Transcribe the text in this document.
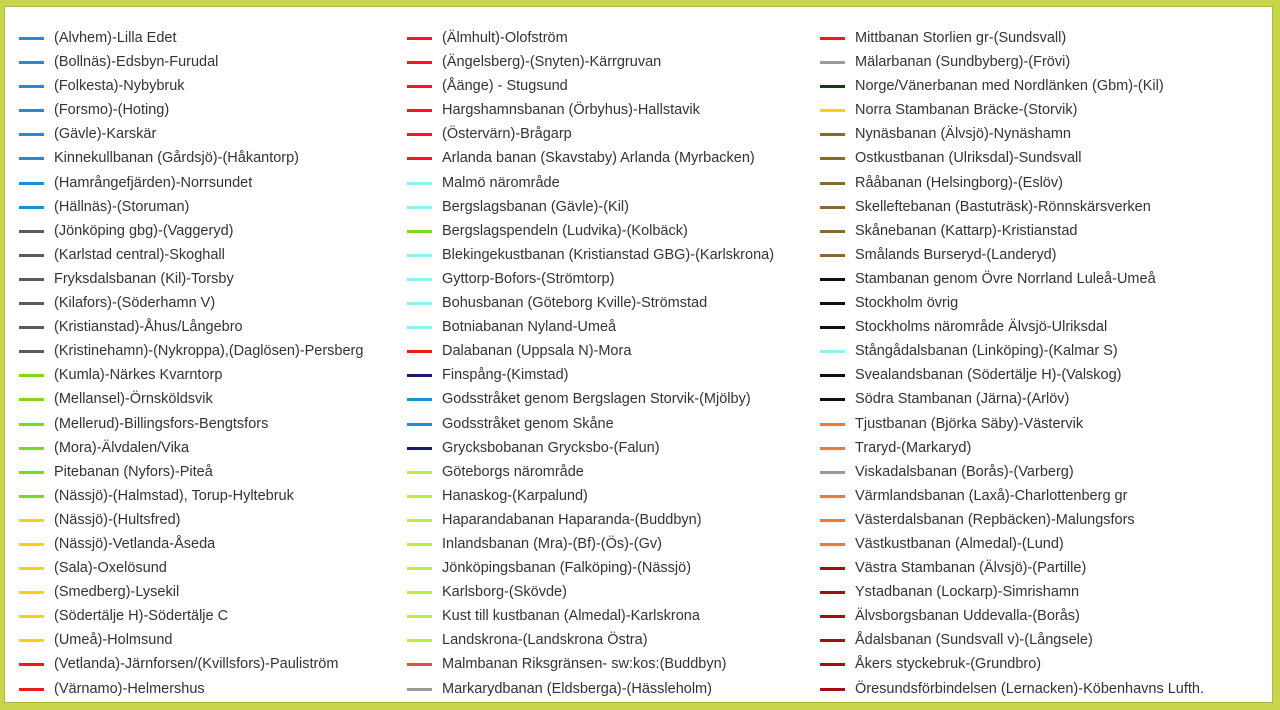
(Alvhem)-Lilla Edet
(Bollnäs)-Edsbyn-Furudal
(Folkesta)-Nybybruk
(Forsmo)-(Hoting)
(Gävle)-Karskär
Kinnekullbanan (Gårdsjö)-(Håkantorp)
(Hamrångefjärden)-Norrsundet
(Hällnäs)-(Storuman)
(Jönköping gbg)-(Vaggeryd)
(Karlstad central)-Skoghall
Fryksdalsbanan (Kil)-Torsby
(Kilafors)-(Söderhamn V)
(Kristianstad)-Åhus/Långebro
(Kristinehamn)-(Nykroppa),(Daglösen)-Persberg
(Kumla)-Närkes Kvarntorp
(Mellansel)-Örnsköldsvik
(Mellerud)-Billingsfors-Bengtsfors
(Mora)-Älvdalen/Vika
Pitebanan (Nyfors)-Piteå
(Nässjö)-(Halmstad), Torup-Hyltebruk
(Nässjö)-(Hultsfred)
(Nässjö)-Vetlanda-Åseda
(Sala)-Oxelösund
(Smedberg)-Lysekil
(Södertälje H)-Södertälje C
(Umeå)-Holmsund
(Vetlanda)-Järnforsen/(Kvillsfors)-Pauliström
(Värnamo)-Helmershus
(Älmhult)-Olofström
(Ängelsberg)-(Snyten)-Kärrgruvan
(Åänge) - Stugsund
Hargshamnsbanan (Örbyhus)-Hallstavik
(Östervärn)-Brågarp
Arlanda banan (Skavstaby) Arlanda (Myrbacken)
Malmö närområde
Bergslagsbanan (Gävle)-(Kil)
Bergslagspendeln (Ludvika)-(Kolbäck)
Blekingekustbanan (Kristianstad GBG)-(Karlskrona)
Gyttorp-Bofors-(Strömtorp)
Bohusbanan (Göteborg Kville)-Strömstad
Botniabanan Nyland-Umeå
Dalabanan (Uppsala N)-Mora
Finspång-(Kimstad)
Godsstråket genom Bergslagen Storvik-(Mjölby)
Godsstråket genom Skåne
Grycksbobanan Grycksbo-(Falun)
Göteborgs närområde
Hanaskog-(Karpalund)
Haparandabanan Haparanda-(Buddbyn)
Inlandsbanan (Mra)-(Bf)-(Ös)-(Gv)
Jönköpingsbanan (Falköping)-(Nässjö)
Karlsborg-(Skövde)
Kust till kustbanan (Almedal)-Karlskrona
Landskrona-(Landskrona Östra)
Malmbanan Riksgränsen- sw:kos:(Buddbyn)
Markarydbanan (Eldsberga)-(Hässleholm)
Mittbanan Storlien gr-(Sundsvall)
Mälarbanan (Sundbyberg)-(Frövi)
Norge/Vänerbanan med Nordlänken (Gbm)-(Kil)
Norra Stambanan Bräcke-(Storvik)
Nynäsbanan (Älvsjö)-Nynäshamn
Ostkustbanan (Ulriksdal)-Sundsvall
Rååbanan (Helsingborg)-(Eslöv)
Skelleftebanan (Bastuträsk)-Rönnskärsverken
Skånebanan (Kattarp)-Kristianstad
Smålands Burseryd-(Landeryd)
Stambanan genom Övre Norrland Luleå-Umeå
Stockholm övrig
Stockholms närområde Älvsjö-Ulriksdal
Stångådalsbanan (Linköping)-(Kalmar S)
Svealandsbanan (Södertälje H)-(Valskog)
Södra Stambanan (Järna)-(Arlöv)
Tjustbanan (Björka Säby)-Västervik
Traryd-(Markaryd)
Viskadalsbanan (Borås)-(Varberg)
Värmlandsbanan (Laxå)-Charlottenberg gr
Västerdalsbanan (Repbäcken)-Malungsfors
Västkustbanan (Almedal)-(Lund)
Västra Stambanan (Älvsjö)-(Partille)
Ystadbanan (Lockarp)-Simrishamn
Älvsborgsbanan Uddevalla-(Borås)
Ådalsbanan (Sundsvall v)-(Långsele)
Åkers styckebruk-(Grundbro)
Öresundsförbindelsen (Lernacken)-Köbenhavns Lufth.
